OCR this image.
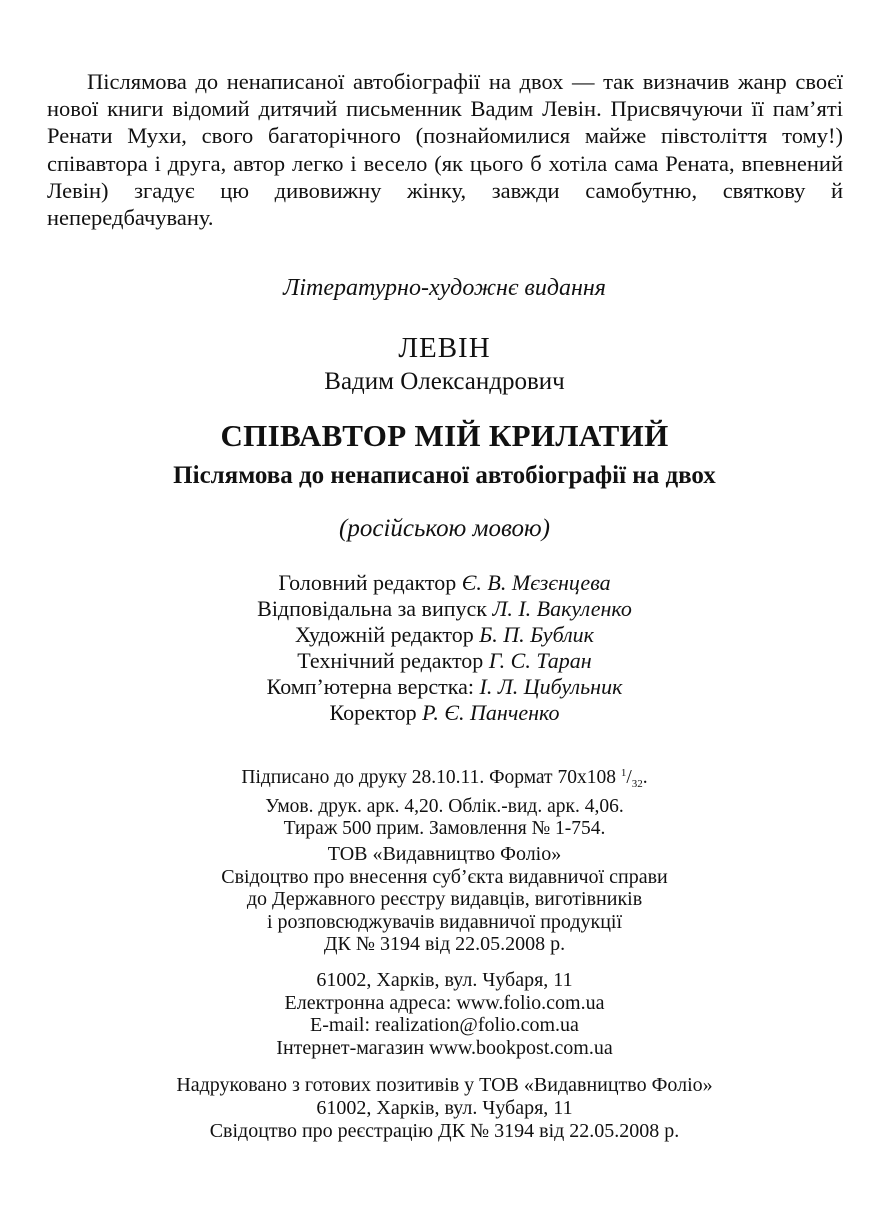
Післямова до ненаписаної автобіографії на двох — так визначив жанр своєї нової книги відомий дитячий письменник Вадим Левін. Присвячуючи її пам’яті Ренати Мухи, свого багаторічного (познайомилися майже півстоліття тому!) співавтора і друга, автор легко і весело (як цього б хотіла сама Рената, впевнений Левін) згадує цю дивовижну жінку, завжди самобутню, святкову й непередбачувану.
Літературно-художнє видання
ЛЕВІН
Вадим Олександрович
СПІВАВТОР МІЙ КРИЛАТИЙ
Післямова до ненаписаної автобіографії на двох
(російською мовою)
Головний редактор Є. В. Мєзєнцева
Відповідальна за випуск Л. І. Вакуленко
Художній редактор Б. П. Бублик
Технічний редактор Г. С. Таран
Комп’ютерна верстка: І. Л. Цибульник
Коректор Р. Є. Панченко
Підписано до друку 28.10.11. Формат 70х108 $^1/_{32}$.
Умов. друк. арк. 4,20. Облік.-вид. арк. 4,06.
Тираж 500 прим. Замовлення № 1-754.
ТОВ «Видавництво Фоліо»
Свідоцтво про внесення суб’єкта видавничої справи
до Державного реєстру видавців, виготівників
і розповсюджувачів видавничої продукції
ДК № 3194 від 22.05.2008 р.
61002, Харків, вул. Чубаря, 11
Електронна адреса: www.folio.com.ua
E-mail: realization@folio.com.ua
Інтернет-магазин www.bookpost.com.ua
Надруковано з готових позитивів у ТОВ «Видавництво Фоліо»
61002, Харків, вул. Чубаря, 11
Свідоцтво про реєстрацію ДК № 3194 від 22.05.2008 р.
